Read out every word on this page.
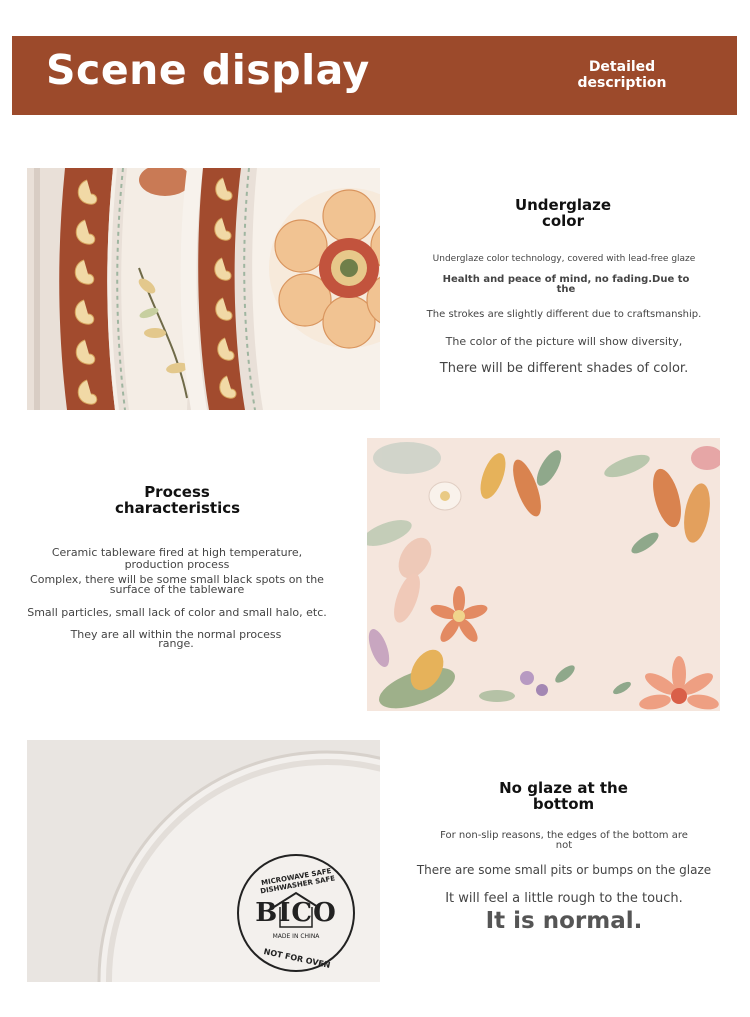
Scene display	Detailed description
Underglaze color
Underglaze color technology, covered with lead-free glaze
Health and peace of mind, no fading.Due to the
The strokes are slightly different due to craftsmanship.
The color of the picture will show diversity,
There will be different shades of color.
Process characteristics
Ceramic tableware fired at high temperature, production process
Complex, there will be some small black spots on the surface of the tableware
Small particles, small lack of color and small halo, etc.
They are all within the normal process range.
MICROWAVE SAFE DISHWASHER SAFE
BICO
MADE IN CHINA
NOT FOR OVEN
No glaze at the bottom
For non-slip reasons, the edges of the bottom are not
There are some small pits or bumps on the glaze
It will feel a little rough to the touch.
It is normal.
